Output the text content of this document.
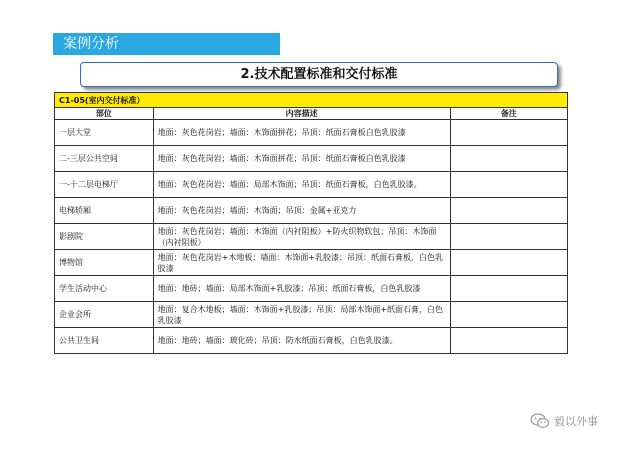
案例分析
2.技术配置标准和交付标准
C1-05(室内交付标准）		
部位	内容描述	备注
一层大堂	地面：灰色花岗岩；墙面：木饰面拼花；吊顶：纸面石膏板白色乳胶漆	
二-三层公共空间	地面：灰色花岗岩；墙面：木饰面拼花；吊顶：纸面石膏板白色乳胶漆	
一-十二层电梯厅	地面：灰色花岗岩；墙面：局部木饰面；吊顶：纸面石膏板，白色乳胶漆。	
电梯轿厢	地面：灰色花岗岩；墙面：木饰面；吊顶：金属+亚克力	
影剧院	地面：灰色花岗岩；墙面：木饰面（内衬阻板）+防火织物软包；吊顶：木饰面（内衬阻板）	
博物馆	地面：灰色花岗岩+木地板；墙面：木饰面+乳胶漆；吊顶：纸面石膏板，白色乳胶漆	
学生活动中心	地面：地砖；墙面：局部木饰面+乳胶漆；吊顶：纸面石膏板，白色乳胶漆	
企业会所	地面：复合木地板；墙面：木饰面+乳胶漆；吊顶：局部木饰面+纸面石膏，白色乳胶漆	
公共卫生间	地面：地砖；墙面：玻化砖；吊顶：防水纸面石膏板，白色乳胶漆。	
毅以外事
